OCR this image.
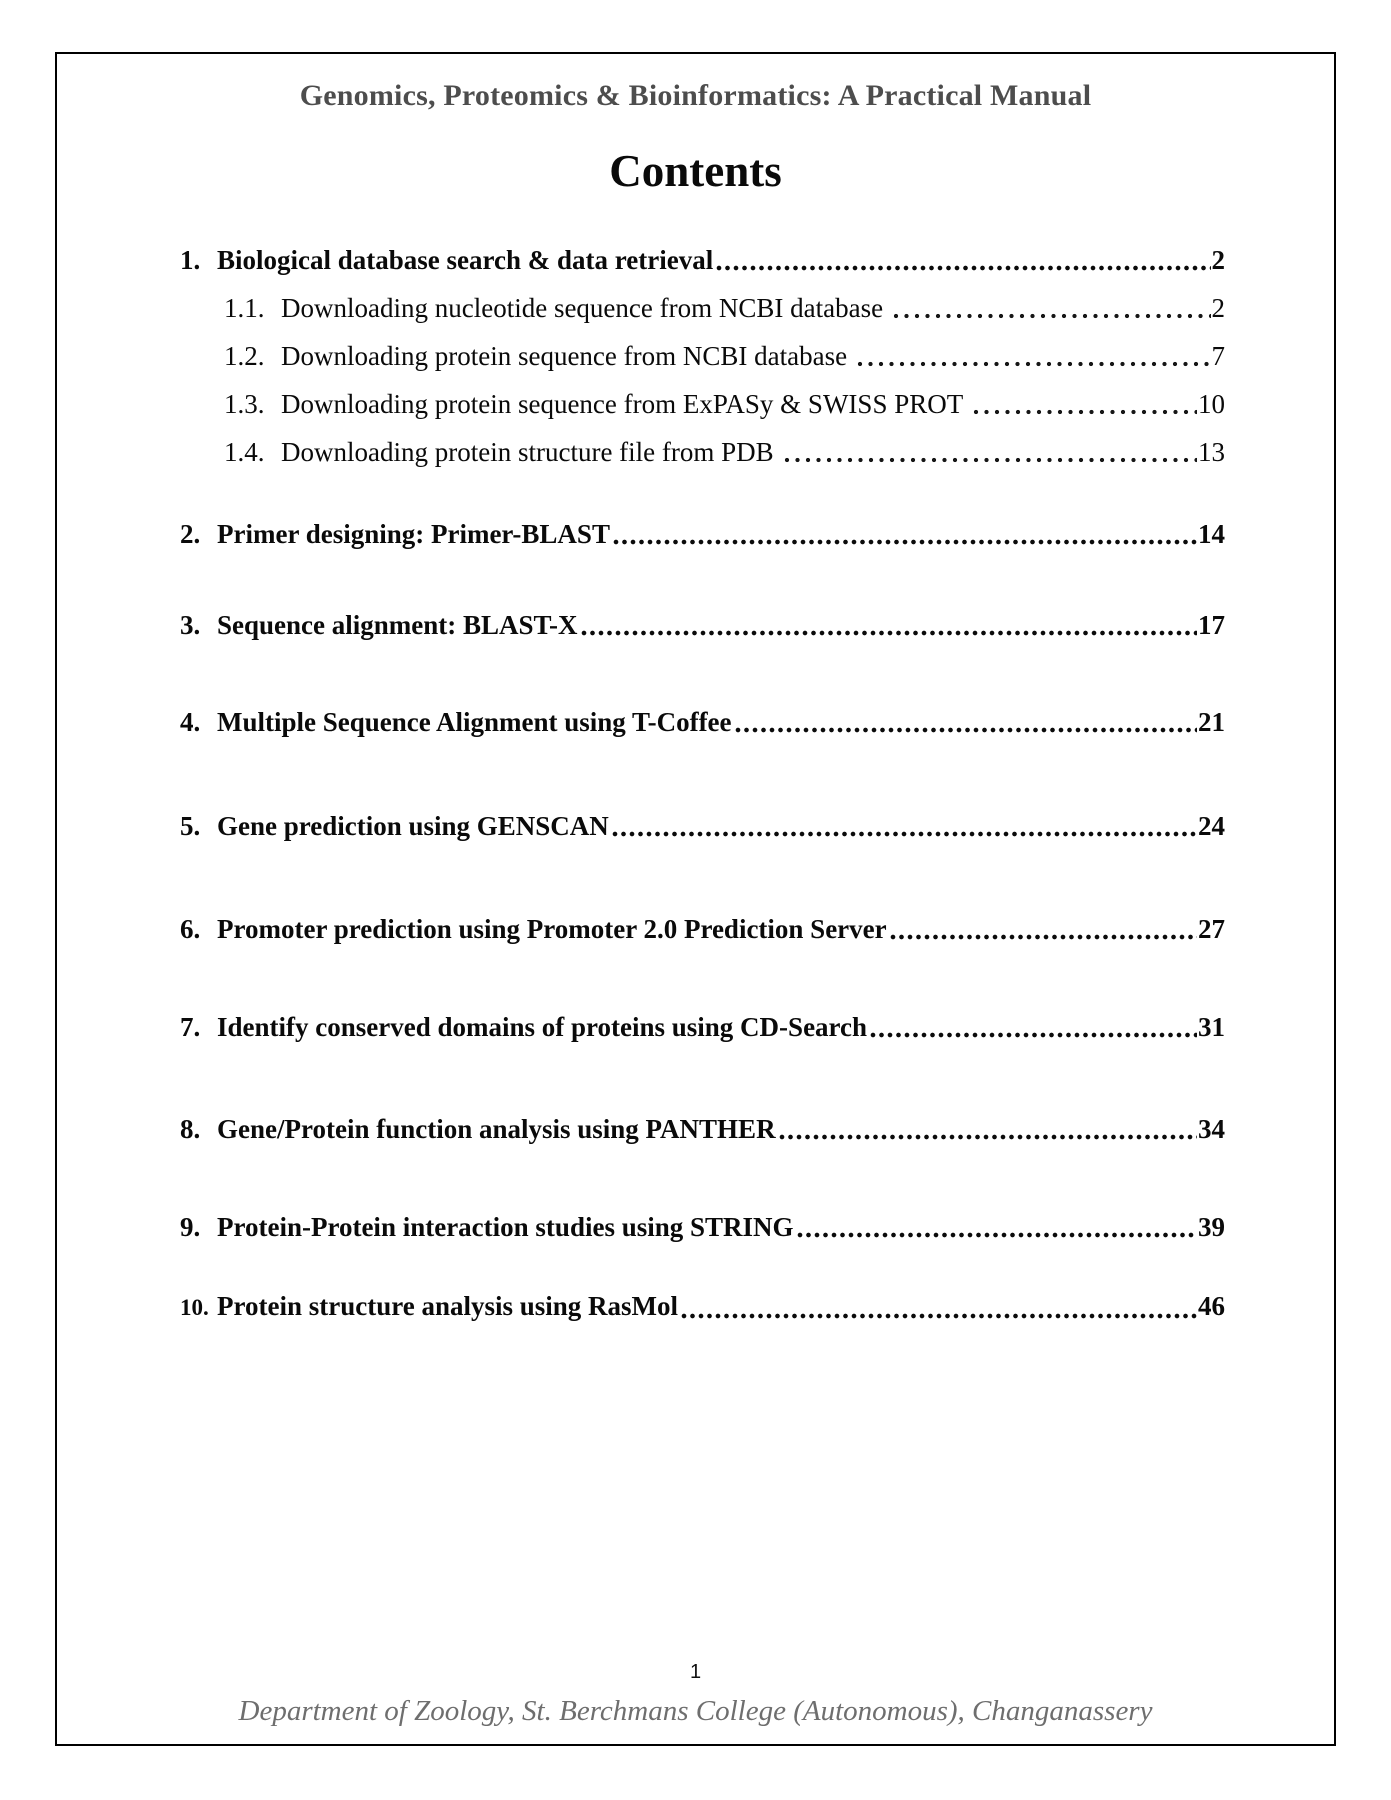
Genomics, Proteomics & Bioinformatics: A Practical Manual
Contents
1. Biological database search & data retrieval	2
1.1. Downloading nucleotide sequence from NCBI database	2
1.2. Downloading protein sequence from NCBI database	7
1.3. Downloading protein sequence from ExPASy & SWISS PROT	10
1.4. Downloading protein structure file from PDB	13
2. Primer designing: Primer-BLAST	14
3. Sequence alignment: BLAST-X	17
4. Multiple Sequence Alignment using T-Coffee	21
5. Gene prediction using GENSCAN	24
6. Promoter prediction using Promoter 2.0 Prediction Server	27
7. Identify conserved domains of proteins using CD-Search	31
8. Gene/Protein function analysis using PANTHER	34
9. Protein-Protein interaction studies using STRING	39
10. Protein structure analysis using RasMol	46
1
Department of Zoology, St. Berchmans College (Autonomous), Changanassery
